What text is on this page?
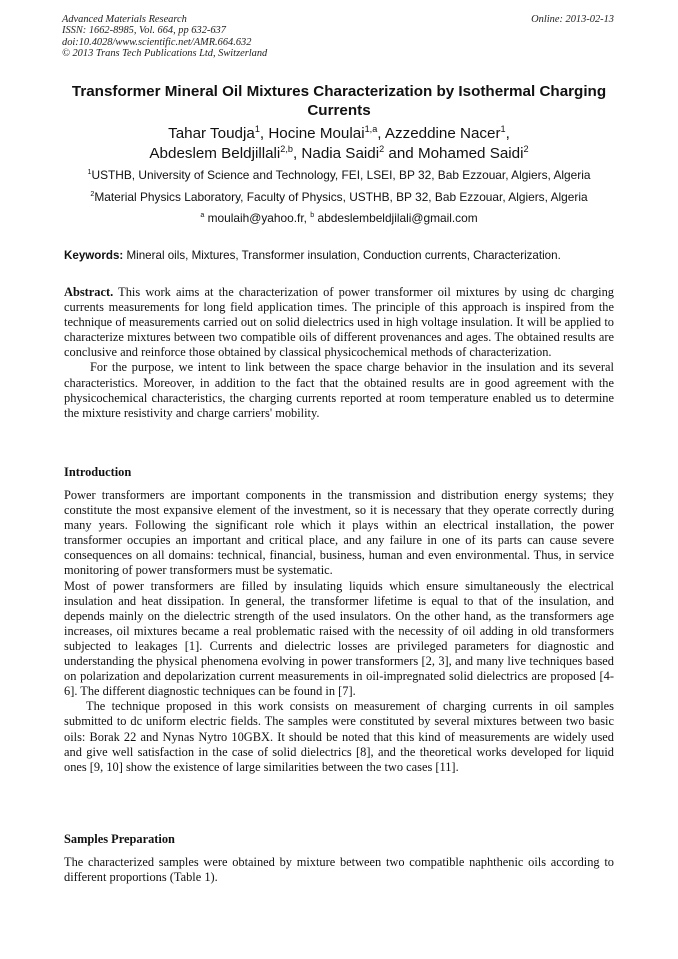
Advanced Materials Research
ISSN: 1662-8985, Vol. 664, pp 632-637
doi:10.4028/www.scientific.net/AMR.664.632
© 2013 Trans Tech Publications Ltd, Switzerland
Online: 2013-02-13
Transformer Mineral Oil Mixtures Characterization by Isothermal Charging Currents
Tahar Toudja$^1$, Hocine Moulai$^{1,a}$, Azzeddine Nacer$^1$,
Abdeslem Beldjillali$^{2,b}$, Nadia Saidi$^2$ and Mohamed Saidi$^2$
$^1$USTHB, University of Science and Technology, FEI, LSEI, BP 32, Bab Ezzouar, Algiers, Algeria
$^2$Material Physics Laboratory, Faculty of Physics, USTHB, BP 32, Bab Ezzouar, Algiers, Algeria
$^a$ moulaih@yahoo.fr, $^b$ abdeslembeldjilali@gmail.com
Keywords: Mineral oils, Mixtures, Transformer insulation, Conduction currents, Characterization.
Abstract. This work aims at the characterization of power transformer oil mixtures by using dc charging currents measurements for long field application times. The principle of this approach is inspired from the technique of measurements carried out on solid dielectrics used in high voltage insulation. It will be applied to characterize mixtures between two compatible oils of different provenances and ages. The obtained results are conclusive and reinforce those obtained by classical physicochemical methods of characterization.
For the purpose, we intent to link between the space charge behavior in the insulation and its several characteristics. Moreover, in addition to the fact that the obtained results are in good agreement with the physicochemical characteristics, the charging currents reported at room temperature enabled us to determine the mixture resistivity and charge carriers' mobility.
Introduction
Power transformers are important components in the transmission and distribution energy systems; they constitute the most expansive element of the investment, so it is necessary that they operate correctly during many years. Following the significant role which it plays within an electrical installation, the power transformer occupies an important and critical place, and any failure in one of its parts can cause severe consequences on all domains: technical, financial, business, human and even environmental. Thus, in service monitoring of power transformers must be systematic.
Most of power transformers are filled by insulating liquids which ensure simultaneously the electrical insulation and heat dissipation. In general, the transformer lifetime is equal to that of the insulation, and depends mainly on the dielectric strength of the used insulators. On the other hand, as the transformers age increases, oil mixtures became a real problematic raised with the necessity of oil adding in old transformers subjected to leakages [1]. Currents and dielectric losses are privileged parameters for diagnostic and understanding the physical phenomena evolving in power transformers [2, 3], and many live techniques based on polarization and depolarization current measurements in oil-impregnated solid dielectrics are proposed [4-6]. The different diagnostic techniques can be found in [7].
The technique proposed in this work consists on measurement of charging currents in oil samples submitted to dc uniform electric fields. The samples were constituted by several mixtures between two basic oils: Borak 22 and Nynas Nytro 10GBX. It should be noted that this kind of measurements are widely used and give well satisfaction in the case of solid dielectrics [8], and the theoretical works developed for liquid ones [9, 10] show the existence of large similarities between the two cases [11].
Samples Preparation
The characterized samples were obtained by mixture between two compatible naphthenic oils according to different proportions (Table 1).
